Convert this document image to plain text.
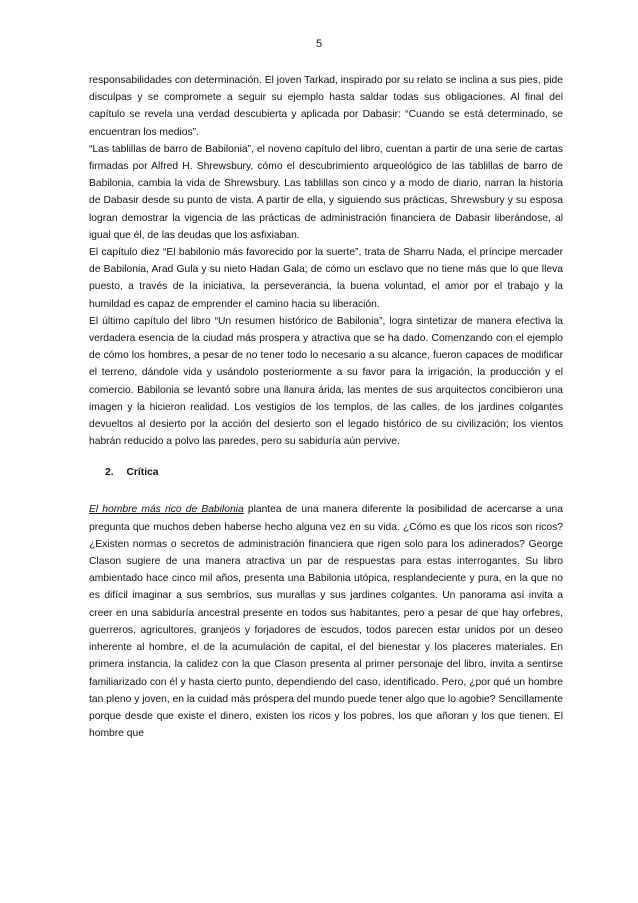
5

responsabilidades con determinación. El joven Tarkad, inspirado por su relato se inclina a sus pies, pide disculpas y se compromete a seguir su ejemplo hasta saldar todas sus obligaciones. Al final del capítulo se revela una verdad descubierta y aplicada por Dabasir: “Cuando se está determinado, se encuentran los medios”.

“Las tablillas de barro de Babilonia”, el noveno capítulo del libro, cuentan a partir de una serie de cartas firmadas por Alfred H. Shrewsbury, cómo el descubrimiento arqueológico de las tablillas de barro de Babilonia, cambia la vida de Shrewsbury. Las tablillas son cinco y a modo de diario, narran la historia de Dabasir desde su punto de vista. A partir de ella, y siguiendo sus prácticas, Shrewsbury y su esposa logran demostrar la vigencia de las prácticas de administración financiera de Dabasir liberándose, al igual que él, de las deudas que los asfixiaban.

El capítulo diez “El babilonio más favorecido por la suerte”, trata de Sharru Nada, el príncipe mercader de Babilonia, Arad Gula y su nieto Hadan Gala; de cómo un esclavo que no tiene más que lo que lleva puesto, a través de la iniciativa, la perseverancia, la buena voluntad, el amor por el trabajo y la humildad es capaz de emprender el camino hacia su liberación.

El último capítulo del libro “Un resumen histórico de Babilonia”, logra sintetizar de manera efectiva la verdadera esencia de la ciudad más prospera y atractiva que se ha dado. Comenzando con el ejemplo de cómo los hombres, a pesar de no tener todo lo necesario a su alcance, fueron capaces de modificar el terreno, dándole vida y usándolo posteriormente a su favor para la irrigación, la producción y el comercio. Babilonia se levantó sobre una llanura árida, las mentes de sus arquitectos concibieron una imagen y la hicieron realidad. Los vestigios de los templos, de las calles, de los jardines colgantes devueltos al desierto por la acción del desierto son el legado histórico de su civilización; los vientos habrán reducido a polvo las paredes, pero su sabiduría aún pervive.

2. Crítica

El hombre más rico de Babilonia plantea de una manera diferente la posibilidad de acercarse a una pregunta que muchos deben haberse hecho alguna vez en su vida. ¿Cómo es que los ricos son ricos? ¿Existen normas o secretos de administración financiera que rigen solo para los adinerados? George Clason sugiere de una manera atractiva un par de respuestas para estas interrogantes. Su libro ambientado hace cinco mil años, presenta una Babilonia utópica, resplandeciente y pura, en la que no es difícil imaginar a sus sembríos, sus murallas y sus jardines colgantes. Un panorama así invita a creer en una sabiduría ancestral presente en todos sus habitantes, pero a pesar de que hay orfebres, guerreros, agricultores, granjeos y forjadores de escudos, todos parecen estar unidos por un deseo inherente al hombre, el de la acumulación de capital, el del bienestar y los placeres materiales. En primera instancia, la calidez con la que Clason presenta al primer personaje del libro, invita a sentirse familiarizado con él y hasta cierto punto, dependiendo del caso, identificado. Pero, ¿por qué un hombre tan pleno y joven, en la cuidad más próspera del mundo puede tener algo que lo agobie? Sencillamente porque desde que existe el dinero, existen los ricos y los pobres, los que añoran y los que tienen. El hombre que
